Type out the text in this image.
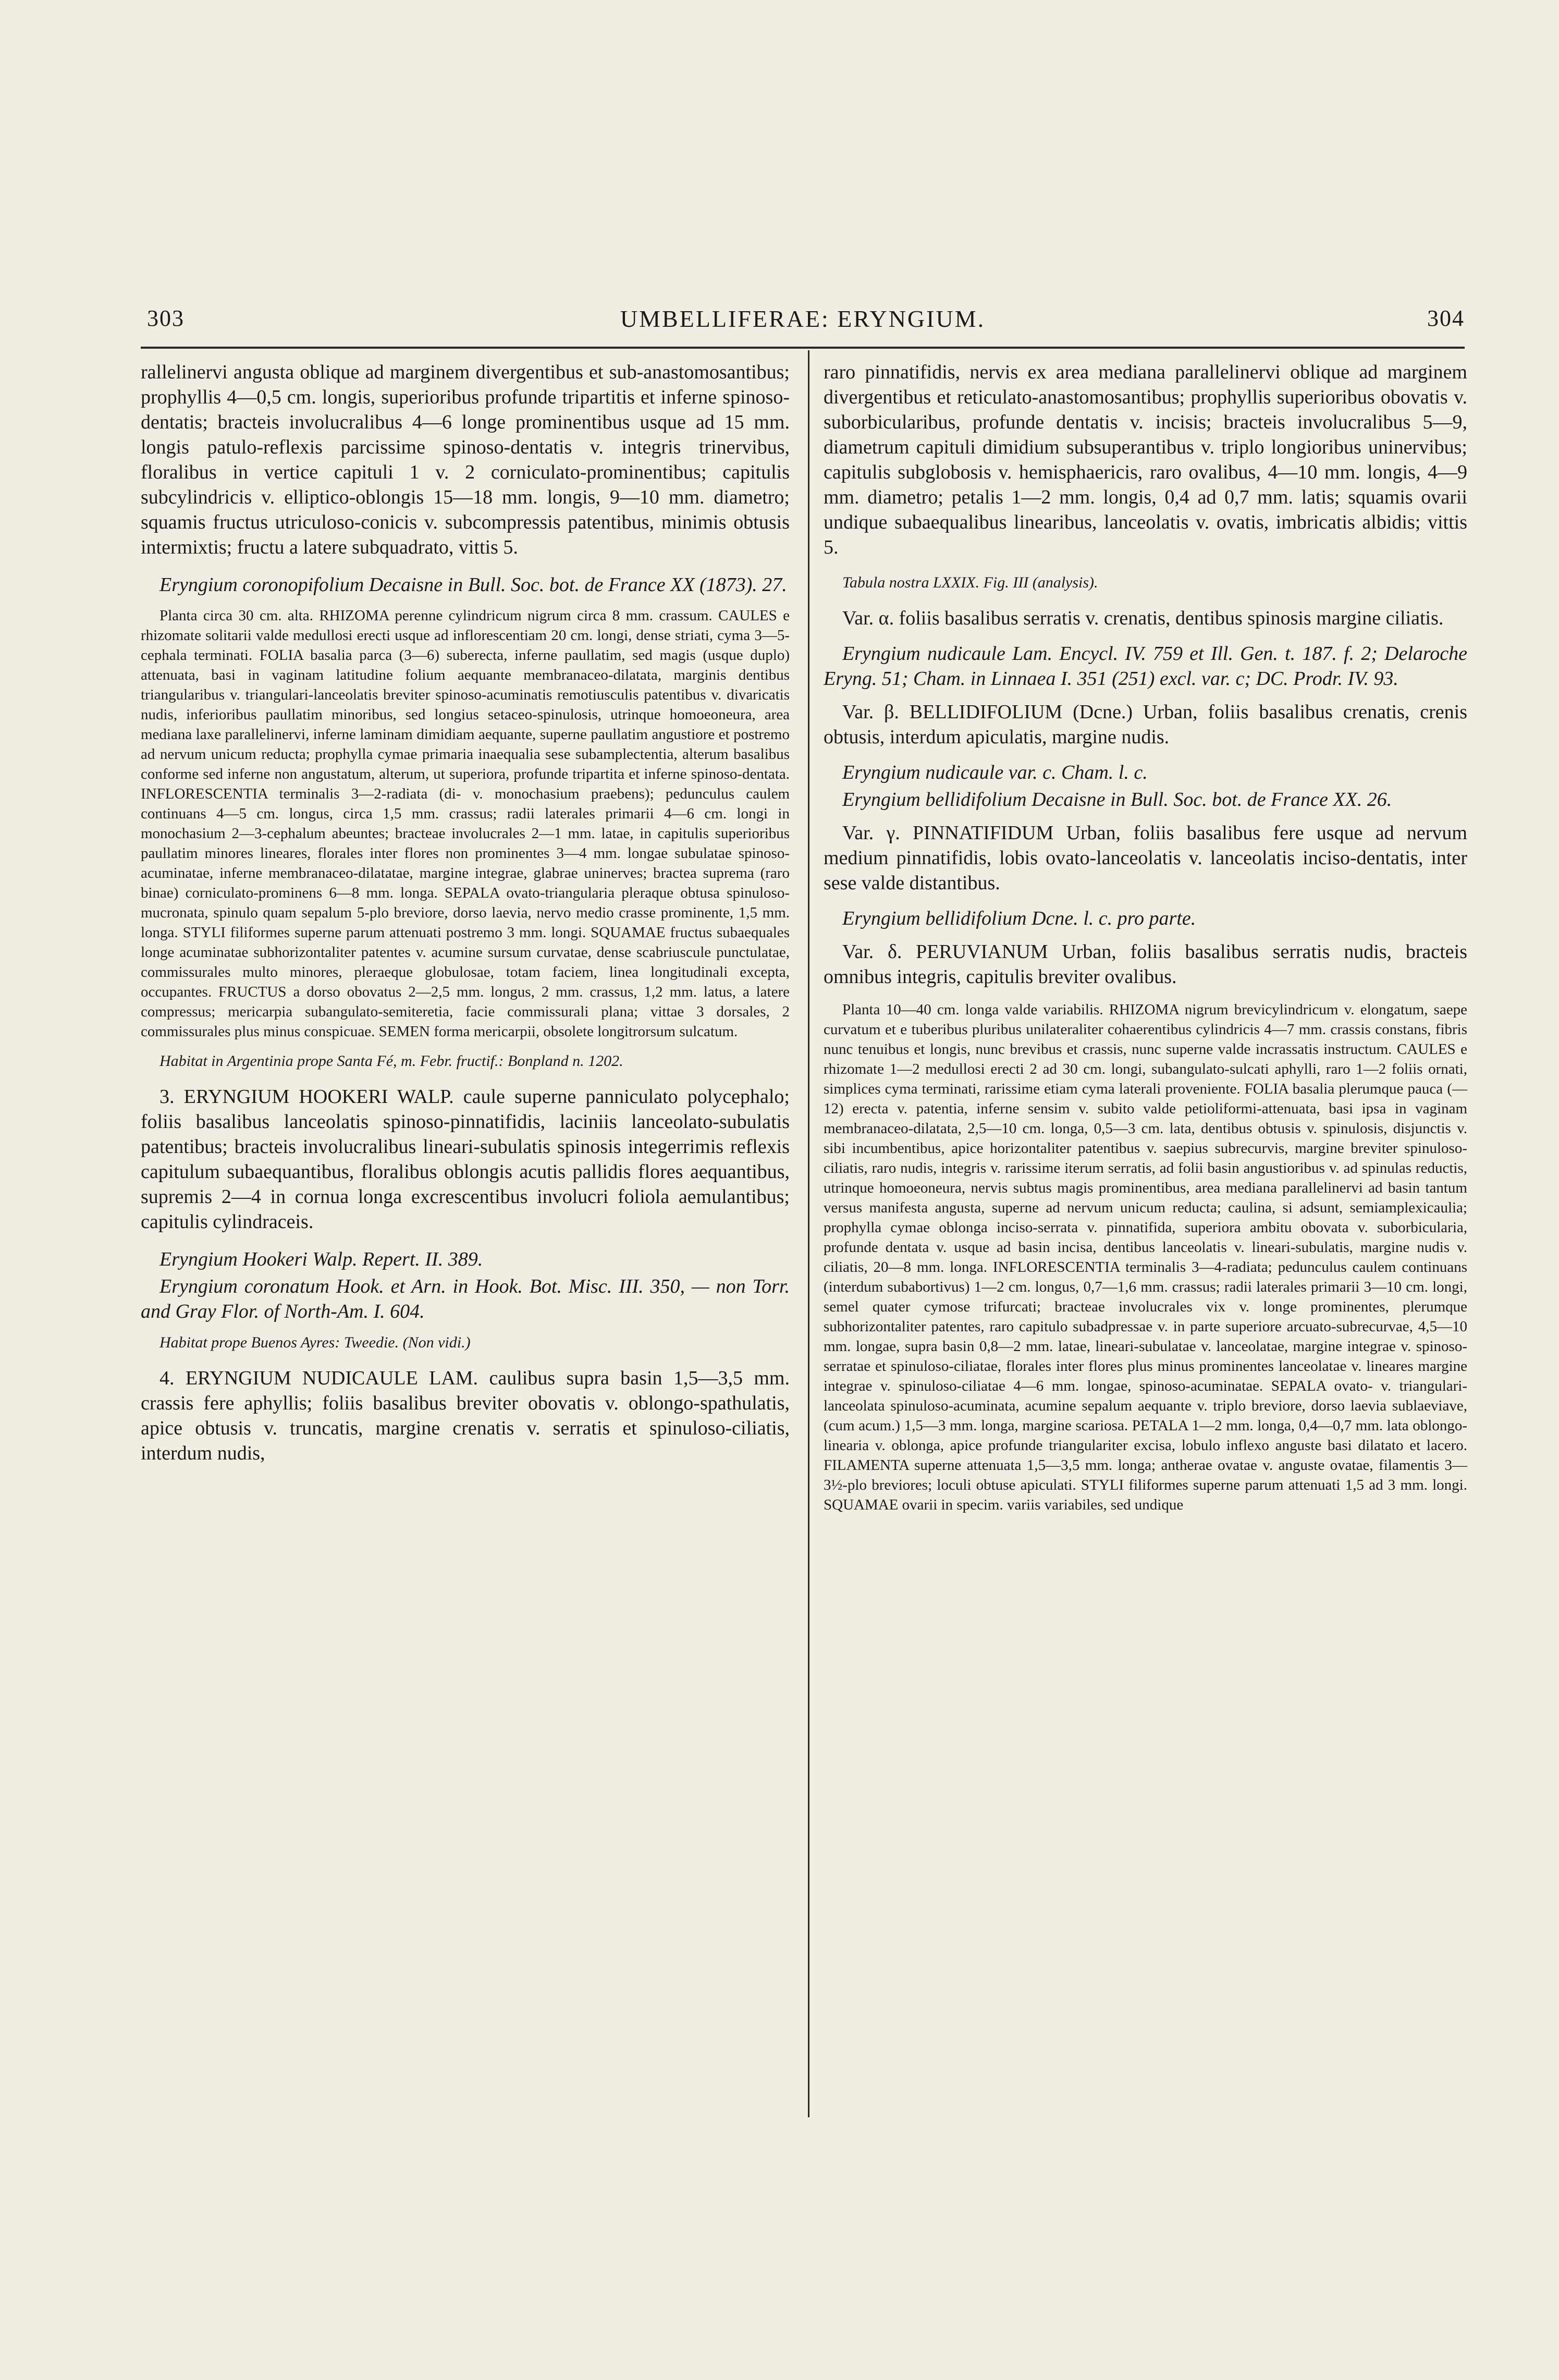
303	UMBELLIFERAE: ERYNGIUM.	304

rallelinervi angusta oblique ad marginem divergentibus et sub-anastomosantibus; prophyllis 4—0,5 cm. longis, superioribus profunde tripartitis et inferne spinoso-dentatis; bracteis involucralibus 4—6 longe prominentibus usque ad 15 mm. longis patulo-reflexis parcissime spinoso-dentatis v. integris trinervibus, floralibus in vertice capituli 1 v. 2 corniculato-prominentibus; capitulis subcylindricis v. elliptico-oblongis 15—18 mm. longis, 9—10 mm. diametro; squamis fructus utriculoso-conicis v. subcompressis patentibus, minimis obtusis intermixtis; fructu a latere subquadrato, vittis 5.

Eryngium coronopifolium Decaisne in Bull. Soc. bot. de France XX (1873). 27.

Planta circa 30 cm. alta. RHIZOMA perenne cylindricum nigrum circa 8 mm. crassum. CAULES e rhizomate solitarii valde medullosi erecti usque ad inflorescentiam 20 cm. longi, dense striati, cyma 3—5-cephala terminati. FOLIA basalia parca (3—6) suberecta, inferne paullatim, sed magis (usque duplo) attenuata, basi in vaginam latitudine folium aequante membranaceo-dilatata, marginis dentibus triangularibus v. triangulari-lanceolatis breviter spinoso-acuminatis remotiusculis patentibus v. divaricatis nudis, inferioribus paullatim minoribus, sed longius setaceo-spinulosis, utrinque homoeoneura, area mediana laxe parallelinervi, inferne laminam dimidiam aequante, superne paullatim angustiore et postremo ad nervum unicum reducta; prophylla cymae primaria inaequalia sese subamplectentia, alterum basalibus conforme sed inferne non angustatum, alterum, ut superiora, profunde tripartita et inferne spinoso-dentata. INFLORESCENTIA terminalis 3—2-radiata (di- v. monochasium praebens); pedunculus caulem continuans 4—5 cm. longus, circa 1,5 mm. crassus; radii laterales primarii 4—6 cm. longi in monochasium 2—3-cephalum abeuntes; bracteae involucrales 2—1 mm. latae, in capitulis superioribus paullatim minores lineares, florales inter flores non prominentes 3—4 mm. longae subulatae spinoso-acuminatae, inferne membranaceo-dilatatae, margine integrae, glabrae uninerves; bractea suprema (raro binae) corniculato-prominens 6—8 mm. longa. SEPALA ovato-triangularia pleraque obtusa spinuloso-mucronata, spinulo quam sepalum 5-plo breviore, dorso laevia, nervo medio crasse prominente, 1,5 mm. longa. STYLI filiformes superne parum attenuati postremo 3 mm. longi. SQUAMAE fructus subaequales longe acuminatae subhorizontaliter patentes v. acumine sursum curvatae, dense scabriuscule punctulatae, commissurales multo minores, pleraeque globulosae, totam faciem, linea longitudinali excepta, occupantes. FRUCTUS a dorso obovatus 2—2,5 mm. longus, 2 mm. crassus, 1,2 mm. latus, a latere compressus; mericarpia subangulato-semiteretia, facie commissurali plana; vittae 3 dorsales, 2 commissurales plus minus conspicuae. SEMEN forma mericarpii, obsolete longitrorsum sulcatum.

Habitat in Argentinia prope Santa Fé, m. Febr. fructif.: Bonpland n. 1202.

3. ERYNGIUM HOOKERI WALP. caule superne panniculato polycephalo; foliis basalibus lanceolatis spinoso-pinnatifidis, laciniis lanceolato-subulatis patentibus; bracteis involucralibus lineari-subulatis spinosis integerrimis reflexis capitulum subaequantibus, floralibus oblongis acutis pallidis flores aequantibus, supremis 2—4 in cornua longa excrescentibus involucri foliola aemulantibus; capitulis cylindraceis.

Eryngium Hookeri Walp. Repert. II. 389.

Eryngium coronatum Hook. et Arn. in Hook. Bot. Misc. III. 350, — non Torr. and Gray Flor. of North-Am. I. 604.

Habitat prope Buenos Ayres: Tweedie. (Non vidi.)

4. ERYNGIUM NUDICAULE LAM. caulibus supra basin 1,5—3,5 mm. crassis fere aphyllis; foliis basalibus breviter obovatis v. oblongo-spathulatis, apice obtusis v. truncatis, margine crenatis v. serratis et spinuloso-ciliatis, interdum nudis,

raro pinnatifidis, nervis ex area mediana parallelinervi oblique ad marginem divergentibus et reticulato-anastomosantibus; prophyllis superioribus obovatis v. suborbicularibus, profunde dentatis v. incisis; bracteis involucralibus 5—9, diametrum capituli dimidium subsuperantibus v. triplo longioribus uninervibus; capitulis subglobosis v. hemisphaericis, raro ovalibus, 4—10 mm. longis, 4—9 mm. diametro; petalis 1—2 mm. longis, 0,4 ad 0,7 mm. latis; squamis ovarii undique subaequalibus linearibus, lanceolatis v. ovatis, imbricatis albidis; vittis 5.

Tabula nostra LXXIX. Fig. III (analysis).

Var. α. foliis basalibus serratis v. crenatis, dentibus spinosis margine ciliatis.

Eryngium nudicaule Lam. Encycl. IV. 759 et Ill. Gen. t. 187. f. 2; Delaroche Eryng. 51; Cham. in Linnaea I. 351 (251) excl. var. c; DC. Prodr. IV. 93.

Var. β. BELLIDIFOLIUM (Dcne.) Urban, foliis basalibus crenatis, crenis obtusis, interdum apiculatis, margine nudis.

Eryngium nudicaule var. c. Cham. l. c.

Eryngium bellidifolium Decaisne in Bull. Soc. bot. de France XX. 26.

Var. γ. PINNATIFIDUM Urban, foliis basalibus fere usque ad nervum medium pinnatifidis, lobis ovato-lanceolatis v. lanceolatis inciso-dentatis, inter sese valde distantibus.

Eryngium bellidifolium Dcne. l. c. pro parte.

Var. δ. PERUVIANUM Urban, foliis basalibus serratis nudis, bracteis omnibus integris, capitulis breviter ovalibus.

Planta 10—40 cm. longa valde variabilis. RHIZOMA nigrum brevicylindricum v. elongatum, saepe curvatum et e tuberibus pluribus unilateraliter cohaerentibus cylindricis 4—7 mm. crassis constans, fibris nunc tenuibus et longis, nunc brevibus et crassis, nunc superne valde incrassatis instructum. CAULES e rhizomate 1—2 medullosi erecti 2 ad 30 cm. longi, subangulato-sulcati aphylli, raro 1—2 foliis ornati, simplices cyma terminati, rarissime etiam cyma laterali proveniente. FOLIA basalia plerumque pauca (—12) erecta v. patentia, inferne sensim v. subito valde petioliformi-attenuata, basi ipsa in vaginam membranaceo-dilatata, 2,5—10 cm. longa, 0,5—3 cm. lata, dentibus obtusis v. spinulosis, disjunctis v. sibi incumbentibus, apice horizontaliter patentibus v. saepius subrecurvis, margine breviter spinuloso-ciliatis, raro nudis, integris v. rarissime iterum serratis, ad folii basin angustioribus v. ad spinulas reductis, utrinque homoeoneura, nervis subtus magis prominentibus, area mediana parallelinervi ad basin tantum versus manifesta angusta, superne ad nervum unicum reducta; caulina, si adsunt, semiamplexicaulia; prophylla cymae oblonga inciso-serrata v. pinnatifida, superiora ambitu obovata v. suborbicularia, profunde dentata v. usque ad basin incisa, dentibus lanceolatis v. lineari-subulatis, margine nudis v. ciliatis, 20—8 mm. longa. INFLORESCENTIA terminalis 3—4-radiata; pedunculus caulem continuans (interdum subabortivus) 1—2 cm. longus, 0,7—1,6 mm. crassus; radii laterales primarii 3—10 cm. longi, semel quater cymose trifurcati; bracteae involucrales vix v. longe prominentes, plerumque subhorizontaliter patentes, raro capitulo subadpressae v. in parte superiore arcuato-subrecurvae, 4,5—10 mm. longae, supra basin 0,8—2 mm. latae, lineari-subulatae v. lanceolatae, margine integrae v. spinoso-serratae et spinuloso-ciliatae, florales inter flores plus minus prominentes lanceolatae v. lineares margine integrae v. spinuloso-ciliatae 4—6 mm. longae, spinoso-acuminatae. SEPALA ovato- v. triangulari-lanceolata spinuloso-acuminata, acumine sepalum aequante v. triplo breviore, dorso laevia sublaeviave, (cum acum.) 1,5—3 mm. longa, margine scariosa. PETALA 1—2 mm. longa, 0,4—0,7 mm. lata oblongo-linearia v. oblonga, apice profunde triangulariter excisa, lobulo inflexo anguste basi dilatato et lacero. FILAMENTA superne attenuata 1,5—3,5 mm. longa; antherae ovatae v. anguste ovatae, filamentis 3—3½-plo breviores; loculi obtuse apiculati. STYLI filiformes superne parum attenuati 1,5 ad 3 mm. longi. SQUAMAE ovarii in specim. variis variabiles, sed undique
